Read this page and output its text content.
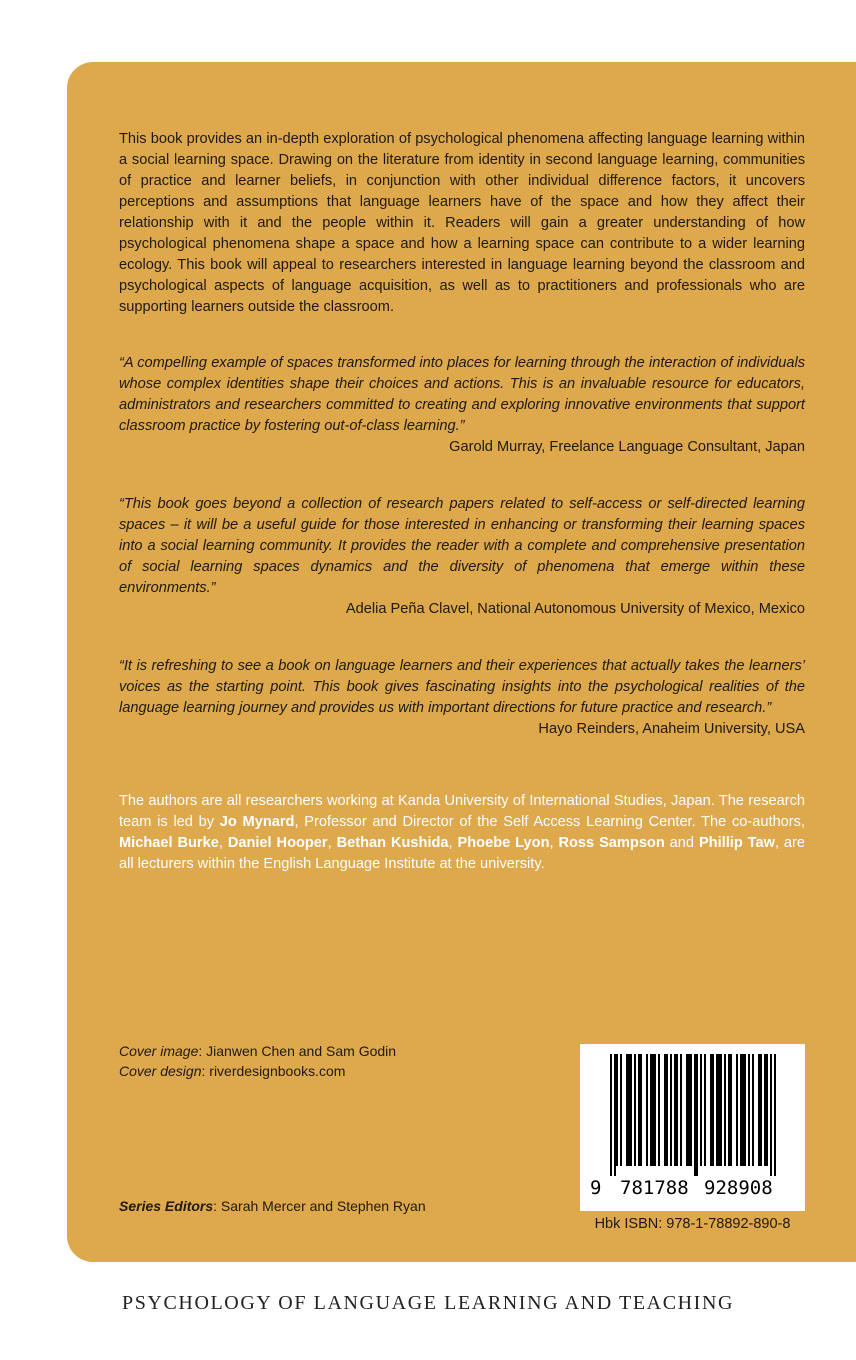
This book provides an in-depth exploration of psychological phenomena affecting language learning within a social learning space. Drawing on the literature from identity in second language learning, communities of practice and learner beliefs, in conjunction with other individual difference factors, it uncovers perceptions and assumptions that language learners have of the space and how they affect their relationship with it and the people within it. Readers will gain a greater understanding of how psychological phenomena shape a space and how a learning space can contribute to a wider learning ecology. This book will appeal to researchers interested in language learning beyond the classroom and psychological aspects of language acquisition, as well as to practitioners and professionals who are supporting learners outside the classroom.

“A compelling example of spaces transformed into places for learning through the interaction of individuals whose complex identities shape their choices and actions. This is an invaluable resource for educators, administrators and researchers committed to creating and exploring innovative environments that support classroom practice by fostering out-of-class learning.”
Garold Murray, Freelance Language Consultant, Japan
“This book goes beyond a collection of research papers related to self-access or self-directed learning spaces – it will be a useful guide for those interested in enhancing or transforming their learning spaces into a social learning community. It provides the reader with a complete and comprehensive presentation of social learning spaces dynamics and the diversity of phenomena that emerge within these environments.”
Adelia Peña Clavel, National Autonomous University of Mexico, Mexico
“It is refreshing to see a book on language learners and their experiences that actually takes the learners’ voices as the starting point. This book gives fascinating insights into the psychological realities of the language learning journey and provides us with important directions for future practice and research.”
Hayo Reinders, Anaheim University, USA
The authors are all researchers working at Kanda University of International Studies, Japan. The research team is led by Jo Mynard, Professor and Director of the Self Access Learning Center. The co-authors, Michael Burke, Daniel Hooper, Bethan Kushida, Phoebe Lyon, Ross Sampson and Phillip Taw, are all lecturers within the English Language Institute at the university.
Cover image: Jianwen Chen and Sam Godin
Cover design: riverdesignbooks.com
Series Editors: Sarah Mercer and Stephen Ryan
9 781788 928908
Hbk ISBN: 978-1-78892-890-8
PSYCHOLOGY OF LANGUAGE LEARNING AND TEACHING
